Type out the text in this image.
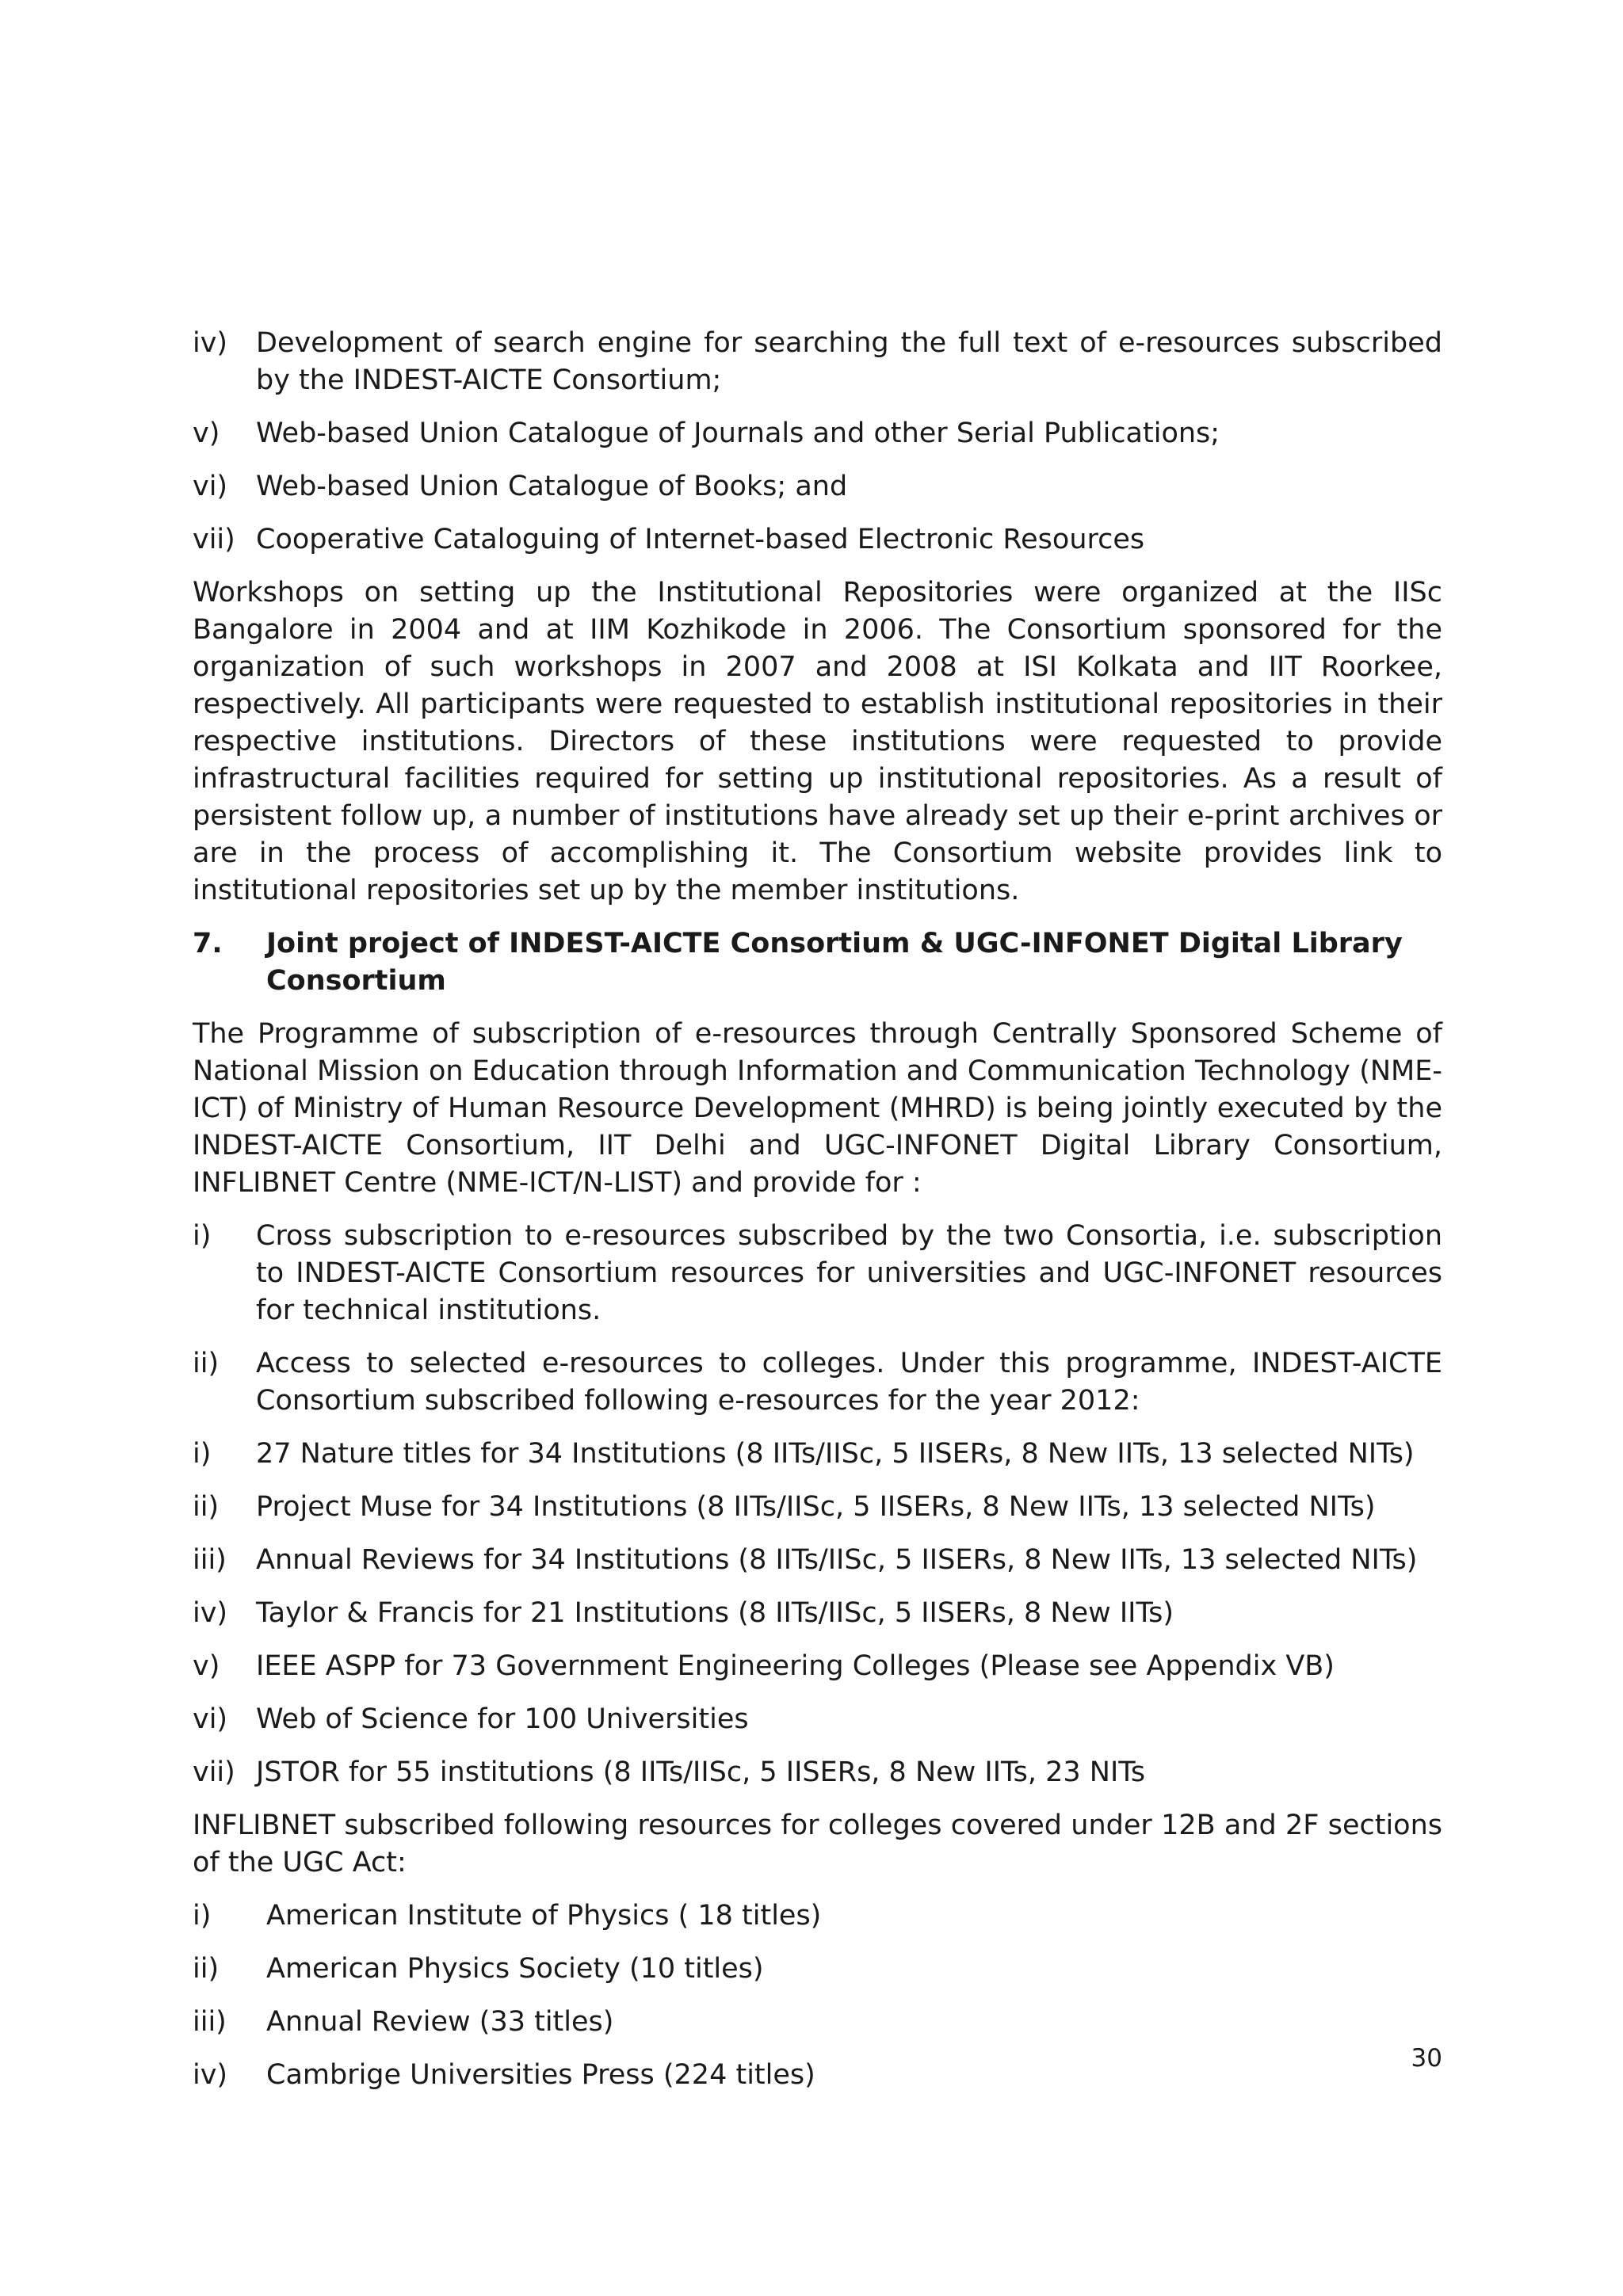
iv)	Development of search engine for searching the full text of e-resources subscribed by the INDEST-AICTE Consortium;
v)	Web-based Union Catalogue of Journals and other Serial Publications;
vi)	Web-based Union Catalogue of Books; and
vii) Cooperative Cataloguing of Internet-based Electronic Resources

Workshops on setting up the Institutional Repositories were organized at the IISc Bangalore in 2004 and at IIM Kozhikode in 2006. The Consortium sponsored for the organization of such workshops in 2007 and 2008 at ISI Kolkata and IIT Roorkee, respectively. All participants were requested to establish institutional repositories in their respective institutions. Directors of these institutions were requested to provide infrastructural facilities required for setting up institutional repositories. As a result of persistent follow up, a number of institutions have already set up their e-print archives or are in the process of accomplishing it. The Consortium website provides link to institutional repositories set up by the member institutions.

7.	Joint project of INDEST-AICTE Consortium & UGC-INFONET Digital Library Consortium

The Programme of subscription of e-resources through Centrally Sponsored Scheme of National Mission on Education through Information and Communication Technology (NME-ICT) of Ministry of Human Resource Development (MHRD) is being jointly executed by the INDEST-AICTE Consortium, IIT Delhi and UGC-INFONET Digital Library Consortium, INFLIBNET Centre (NME-ICT/N-LIST) and provide for :

i)	Cross subscription to e-resources subscribed by the two Consortia, i.e. subscription to INDEST-AICTE Consortium resources for universities and UGC-INFONET resources for technical institutions.
ii)	Access to selected e-resources to colleges. Under this programme, INDEST-AICTE Consortium subscribed following e-resources for the year 2012:
i)	27 Nature titles for 34 Institutions (8 IITs/IISc, 5 IISERs, 8 New IITs, 13 selected NITs)
ii)	Project Muse for 34 Institutions (8 IITs/IISc, 5 IISERs, 8 New IITs, 13 selected NITs)
iii)	Annual Reviews for 34 Institutions (8 IITs/IISc, 5 IISERs, 8 New IITs, 13 selected NITs)
iv)	Taylor & Francis for 21 Institutions (8 IITs/IISc, 5 IISERs, 8 New IITs)
v)	IEEE ASPP for 73 Government Engineering Colleges (Please see Appendix VB)
vi)	Web of Science for 100 Universities
vii) JSTOR for 55 institutions (8 IITs/IISc, 5 IISERs, 8 New IITs, 23 NITs

INFLIBNET subscribed following resources for colleges covered under 12B and 2F sections of the UGC Act:

i)	American Institute of Physics ( 18 titles)
ii)	American Physics Society (10 titles)
iii)	Annual Review (33 titles)
iv)	Cambrige Universities Press (224 titles)
30
